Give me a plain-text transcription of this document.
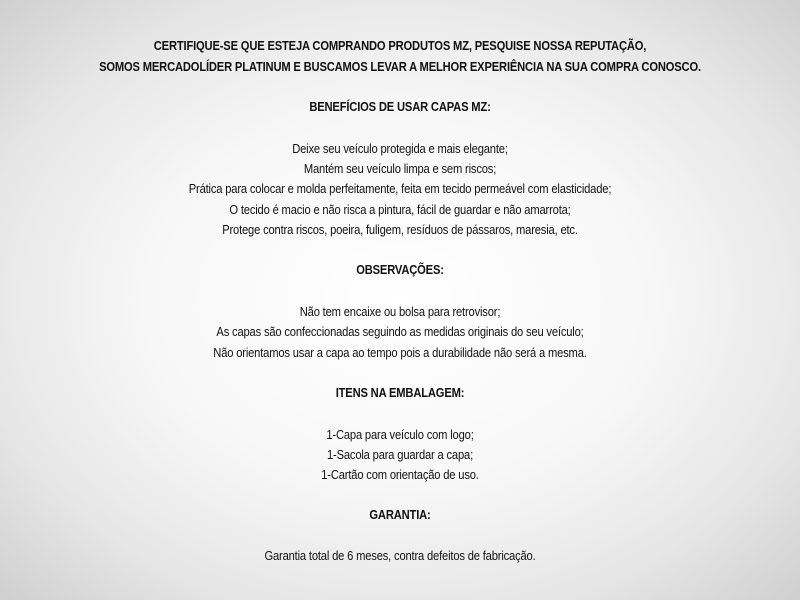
CERTIFIQUE-SE QUE ESTEJA COMPRANDO PRODUTOS MZ, PESQUISE NOSSA REPUTAÇÃO,
SOMOS MERCADOLÍDER PLATINUM E BUSCAMOS LEVAR A MELHOR EXPERIÊNCIA NA SUA COMPRA CONOSCO.
BENEFÍCIOS DE USAR CAPAS MZ:
Deixe seu veículo protegida e mais elegante;
Mantém seu veículo limpa e sem riscos;
Prática para colocar e molda perfeitamente, feita em tecido permeável com elasticidade;
O tecido é macio e não risca a pintura, fácil de guardar e não amarrota;
Protege contra riscos, poeira, fuligem, resíduos de pássaros, maresia, etc.
OBSERVAÇÕES:
Não tem encaixe ou bolsa para retrovisor;
As capas são confeccionadas seguindo as medidas originais do seu veículo;
Não orientamos usar a capa ao tempo pois a durabilidade não será a mesma.
ITENS NA EMBALAGEM:
1-Capa para veículo com logo;
1-Sacola para guardar a capa;
1-Cartão com orientação de uso.
GARANTIA:
Garantia total de 6 meses, contra defeitos de fabricação.
